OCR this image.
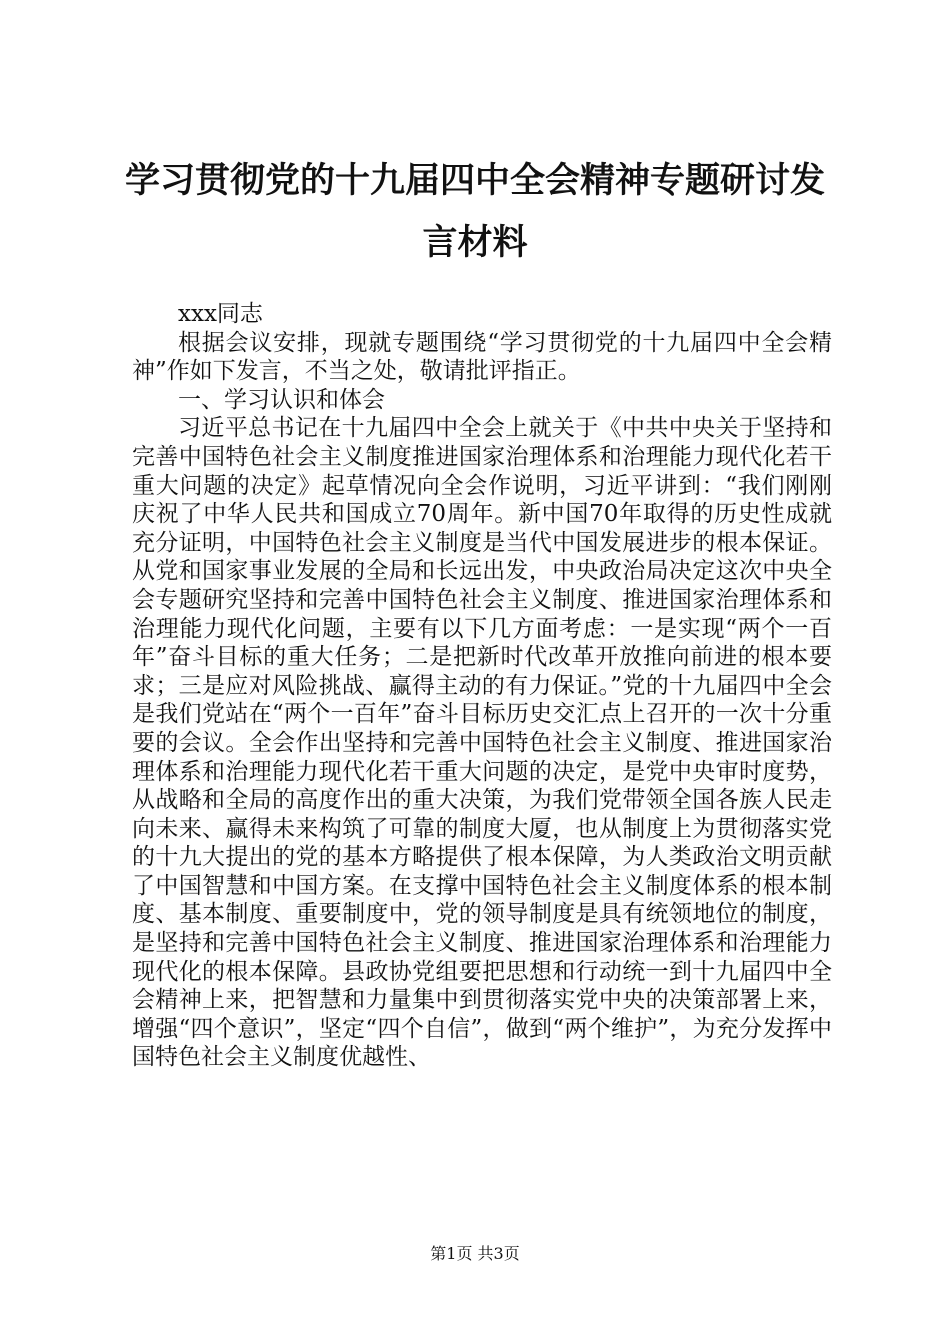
学习贯彻党的十九届四中全会精神专题研讨发言材料

xxx同志

根据会议安排，现就专题围绕“学习贯彻党的十九届四中全会精神”作如下发言，不当之处，敬请批评指正。

一、学习认识和体会

习近平总书记在十九届四中全会上就关于《中共中央关于坚持和完善中国特色社会主义制度推进国家治理体系和治理能力现代化若干重大问题的决定》起草情况向全会作说明，习近平讲到：“我们刚刚庆祝了中华人民共和国成立70周年。新中国70年取得的历史性成就充分证明，中国特色社会主义制度是当代中国发展进步的根本保证。从党和国家事业发展的全局和长远出发，中央政治局决定这次中央全会专题研究坚持和完善中国特色社会主义制度、推进国家治理体系和治理能力现代化问题，主要有以下几方面考虑：一是实现“两个一百年”奋斗目标的重大任务；二是把新时代改革开放推向前进的根本要求；三是应对风险挑战、赢得主动的有力保证。”党的十九届四中全会是我们党站在“两个一百年”奋斗目标历史交汇点上召开的一次十分重要的会议。全会作出坚持和完善中国特色社会主义制度、推进国家治理体系和治理能力现代化若干重大问题的决定，是党中央审时度势，从战略和全局的高度作出的重大决策，为我们党带领全国各族人民走向未来、赢得未来构筑了可靠的制度大厦，也从制度上为贯彻落实党的十九大提出的党的基本方略提供了根本保障，为人类政治文明贡献了中国智慧和中国方案。在支撑中国特色社会主义制度体系的根本制度、基本制度、重要制度中，党的领导制度是具有统领地位的制度，是坚持和完善中国特色社会主义制度、推进国家治理体系和治理能力现代化的根本保障。县政协党组要把思想和行动统一到十九届四中全会精神上来，把智慧和力量集中到贯彻落实党中央的决策部署上来，增强“四个意识”，坚定“四个自信”，做到“两个维护”，为充分发挥中国特色社会主义制度优越性、

第1页 共3页
